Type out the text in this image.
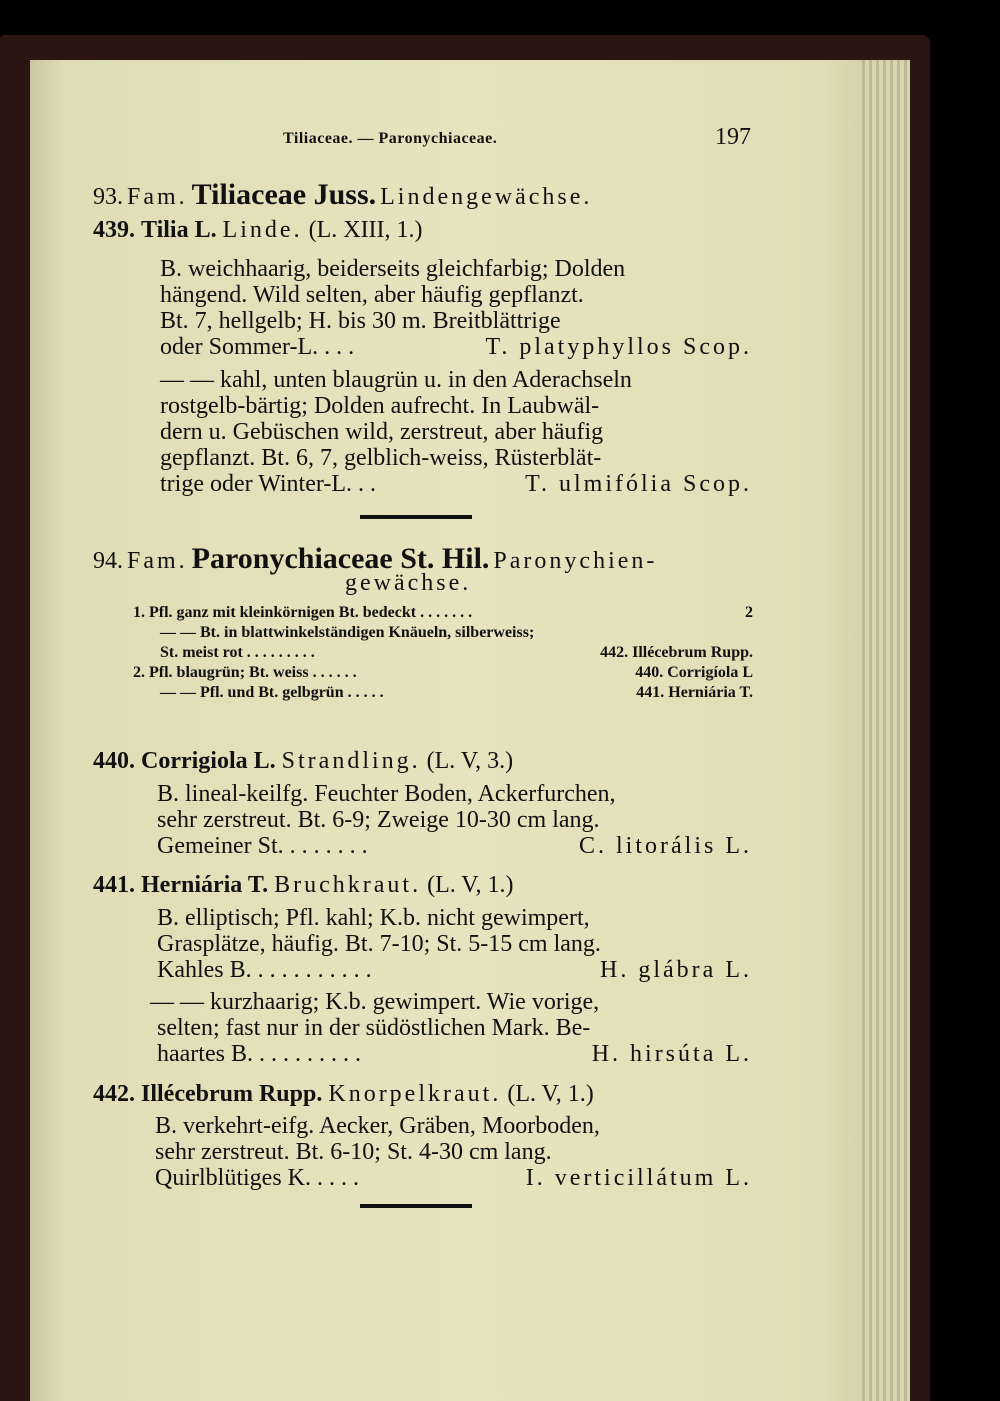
Tiliaceae. — Paronychiaceae.	197
93. Fam. Tiliaceae Juss. Lindengewächse.
439. Tilia L. Linde. (L. XIII, 1.)
B. weichhaarig, beiderseits gleichfarbig; Dolden
hängend. Wild selten, aber häufig gepflanzt.
Bt. 7, hellgelb; H. bis 30 m. Breitblättrige
oder Sommer-L. . . .	T. platyphyllos Scop.
— — kahl, unten blaugrün u. in den Aderachseln
rostgelb-bärtig; Dolden aufrecht. In Laubwäl-
dern u. Gebüschen wild, zerstreut, aber häufig
gepflanzt. Bt. 6, 7, gelblich-weiss, Rüsterblät-
trige oder Winter-L. . .	T. ulmifólia Scop.
94. Fam. Paronychiaceae St. Hil. Paronychien-
gewächse.
1. Pfl. ganz mit kleinkörnigen Bt. bedeckt . . . . . . .	2
— — Bt. in blattwinkelständigen Knäueln, silberweiss;
St. meist rot . . . . . . . . .	442. Illécebrum Rupp.
2. Pfl. blaugrün; Bt. weiss . . . . . .	440. Corrigíola L
— — Pfl. und Bt. gelbgrün . . . . .	441. Herniária T.
440. Corrigiola L. Strandling. (L. V, 3.)
B. lineal-keilfg. Feuchter Boden, Ackerfurchen,
sehr zerstreut. Bt. 6-9; Zweige 10-30 cm lang.
Gemeiner St. . . . . . . .	C. litorális L.
441. Herniária T. Bruchkraut. (L. V, 1.)
B. elliptisch; Pfl. kahl; K.b. nicht gewimpert,
Grasplätze, häufig. Bt. 7-10; St. 5-15 cm lang.
Kahles B. . . . . . . . . . .	H. glábra L.
— — kurzhaarig; K.b. gewimpert. Wie vorige,
selten; fast nur in der südöstlichen Mark. Be-
haartes B. . . . . . . . . .	H. hirsúta L.
442. Illécebrum Rupp. Knorpelkraut. (L. V, 1.)
B. verkehrt-eifg. Aecker, Gräben, Moorboden,
sehr zerstreut. Bt. 6-10; St. 4-30 cm lang.
Quirlblütiges K. . . . .	I. verticillátum L.
